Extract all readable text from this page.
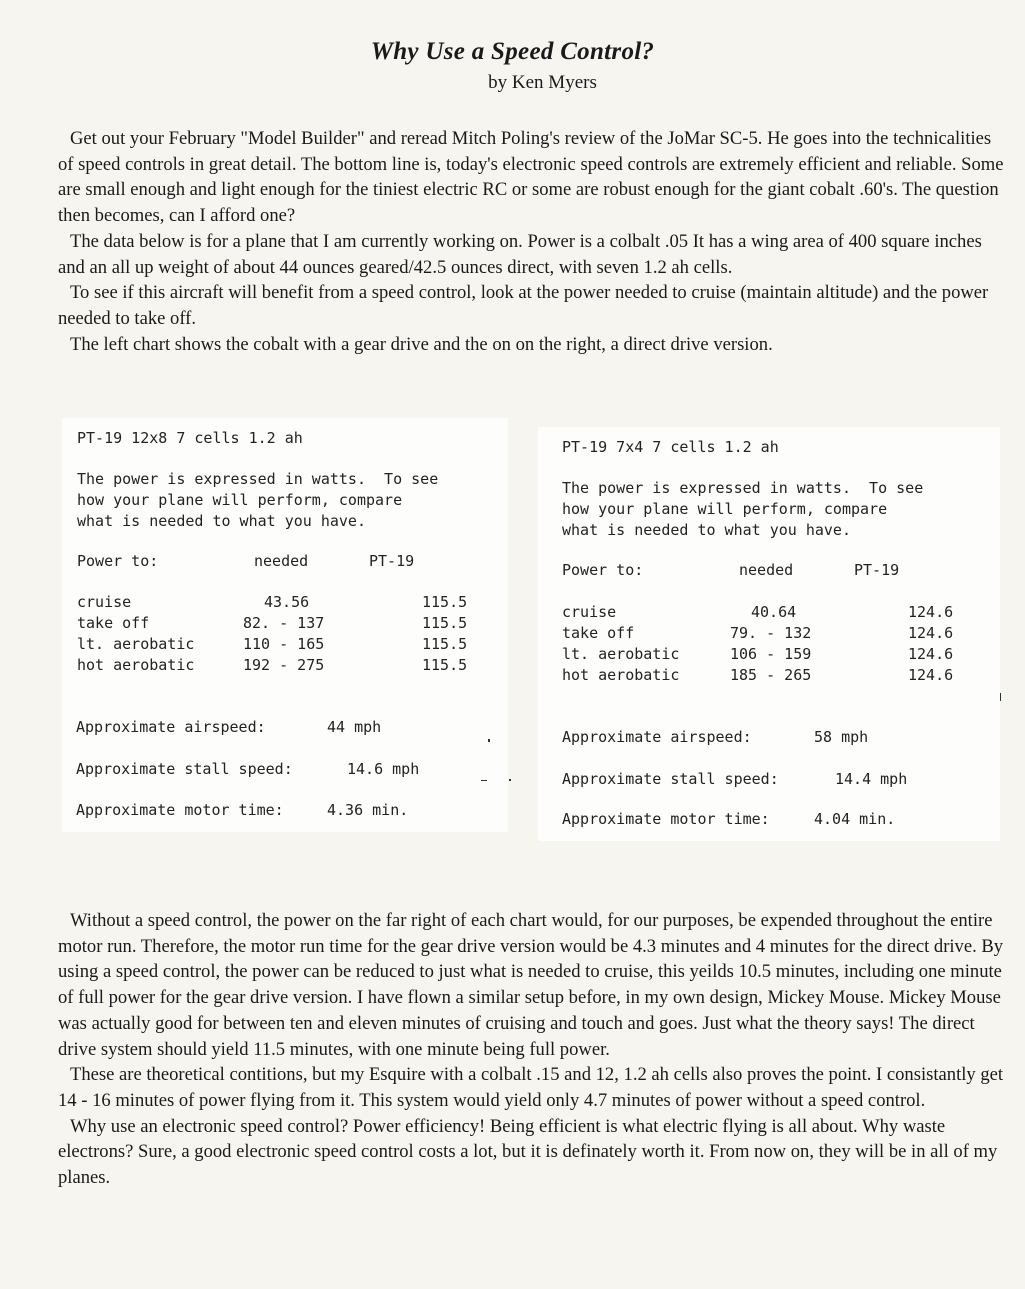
Why Use a Speed Control?
by Ken Myers

Get out your February "Model Builder" and reread Mitch Poling's review of the JoMar SC-5. He goes into the technicalities of speed controls in great detail. The bottom line is, today's electronic speed controls are extremely efficient and reliable. Some are small enough and light enough for the tiniest electric RC or some are robust enough for the giant cobalt .60's. The question then becomes, can I afford one?

The data below is for a plane that I am currently working on. Power is a colbalt .05 It has a wing area of 400 square inches and an all up weight of about 44 ounces geared/42.5 ounces direct, with seven 1.2 ah cells.

To see if this aircraft will benefit from a speed control, look at the power needed to cruise (maintain altitude) and the power needed to take off.

The left chart shows the cobalt with a gear drive and the on on the right, a direct drive version.

PT-19 12x8 7 cells 1.2 ah

The power is expressed in watts.  To see

how your plane will perform, compare

what is needed to what you have.

Power to:

	needed

	PT-19

cruise

	43.56

	115.5

take off

	82. - 137

	115.5

lt. aerobatic

	110 - 165

	115.5

hot aerobatic

	192 - 275

	115.5

Approximate airspeed:

	44 mph

Approximate stall speed:

	14.6 mph

Approximate motor time:

	4.36 min.

PT-19 7x4 7 cells 1.2 ah

The power is expressed in watts.  To see

how your plane will perform, compare

what is needed to what you have.

Power to:

	needed

	PT-19

cruise

	40.64

	124.6

take off

	79. - 132

	124.6

lt. aerobatic

	106 - 159

	124.6

hot aerobatic

	185 - 265

	124.6

Approximate airspeed:

	58 mph

Approximate stall speed:

	14.4 mph

Approximate motor time:

	4.04 min.

Without a speed control, the power on the far right of each chart would, for our purposes, be expended throughout the entire motor run. Therefore, the motor run time for the gear drive version would be 4.3 minutes and 4 minutes for the direct drive. By using a speed control, the power can be reduced to just what is needed to cruise, this yeilds 10.5 minutes, including one minute of full power for the gear drive version. I have flown a similar setup before, in my own design, Mickey Mouse. Mickey Mouse was actually good for between ten and eleven minutes of cruising and touch and goes. Just what the theory says! The direct drive system should yield 11.5 minutes, with one minute being full power.

These are theoretical contitions, but my Esquire with a colbalt .15 and 12, 1.2 ah cells also proves the point. I consistantly get 14 - 16 minutes of power flying from it. This system would yield only 4.7 minutes of power without a speed control.

Why use an electronic speed control? Power efficiency! Being efficient is what electric flying is all about. Why waste electrons? Sure, a good electronic speed control costs a lot, but it is definately worth it. From now on, they will be in all of my planes.
